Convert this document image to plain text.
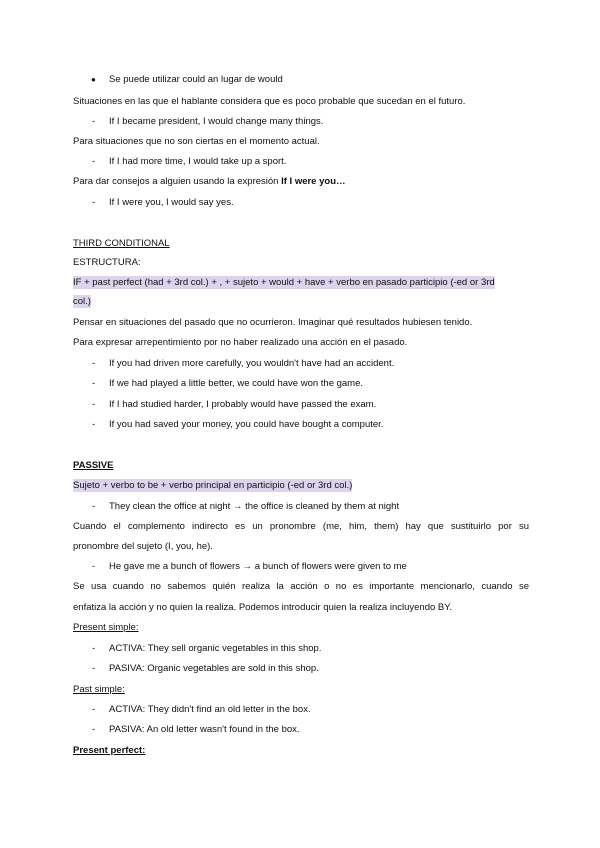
● Se puede utilizar could an lugar de would
Situaciones en las que el hablante considera que es poco probable que sucedan en el futuro.
- If I became president, I would change many things.
Para situaciones que no son ciertas en el momento actual.
- If I had more time, I would take up a sport.
Para dar consejos a alguien usando la expresión If I were you…
- If I were you, I would say yes.
THIRD CONDITIONAL
ESTRUCTURA:
IF + past perfect (had + 3rd col.) + , + sujeto + would + have + verbo en pasado participio (-ed or 3rd
col.)
Pensar en situaciones del pasado que no ocurrieron. Imaginar qué resultados hubiesen tenido.
Para expresar arrepentimiento por no haber realizado una acción en el pasado.
- If you had driven more carefully, you wouldn't have had an accident.
- If we had played a little better, we could have won the game.
- If I had studied harder, I probably would have passed the exam.
- If you had saved your money, you could have bought a computer.
PASSIVE
Sujeto + verbo to be + verbo principal en participio (-ed or 3rd col.)
- They clean the office at night → the office is cleaned by them at night
Cuando el complemento indirecto es un pronombre (me, him, them) hay que sustituirlo por su
pronombre del sujeto (I, you, he).
- He gave me a bunch of flowers → a bunch of flowers were given to me
Se usa cuando no sabemos quién realiza la acción o no es importante mencionarlo, cuando se
enfatiza la acción y no quien la realiza. Podemos introducir quien la realiza incluyendo BY.
Present simple:
- ACTIVA: They sell organic vegetables in this shop.
- PASIVA: Organic vegetables are sold in this shop.
Past simple:
- ACTIVA: They didn't find an old letter in the box.
- PASIVA: An old letter wasn't found in the box.
Present perfect:
